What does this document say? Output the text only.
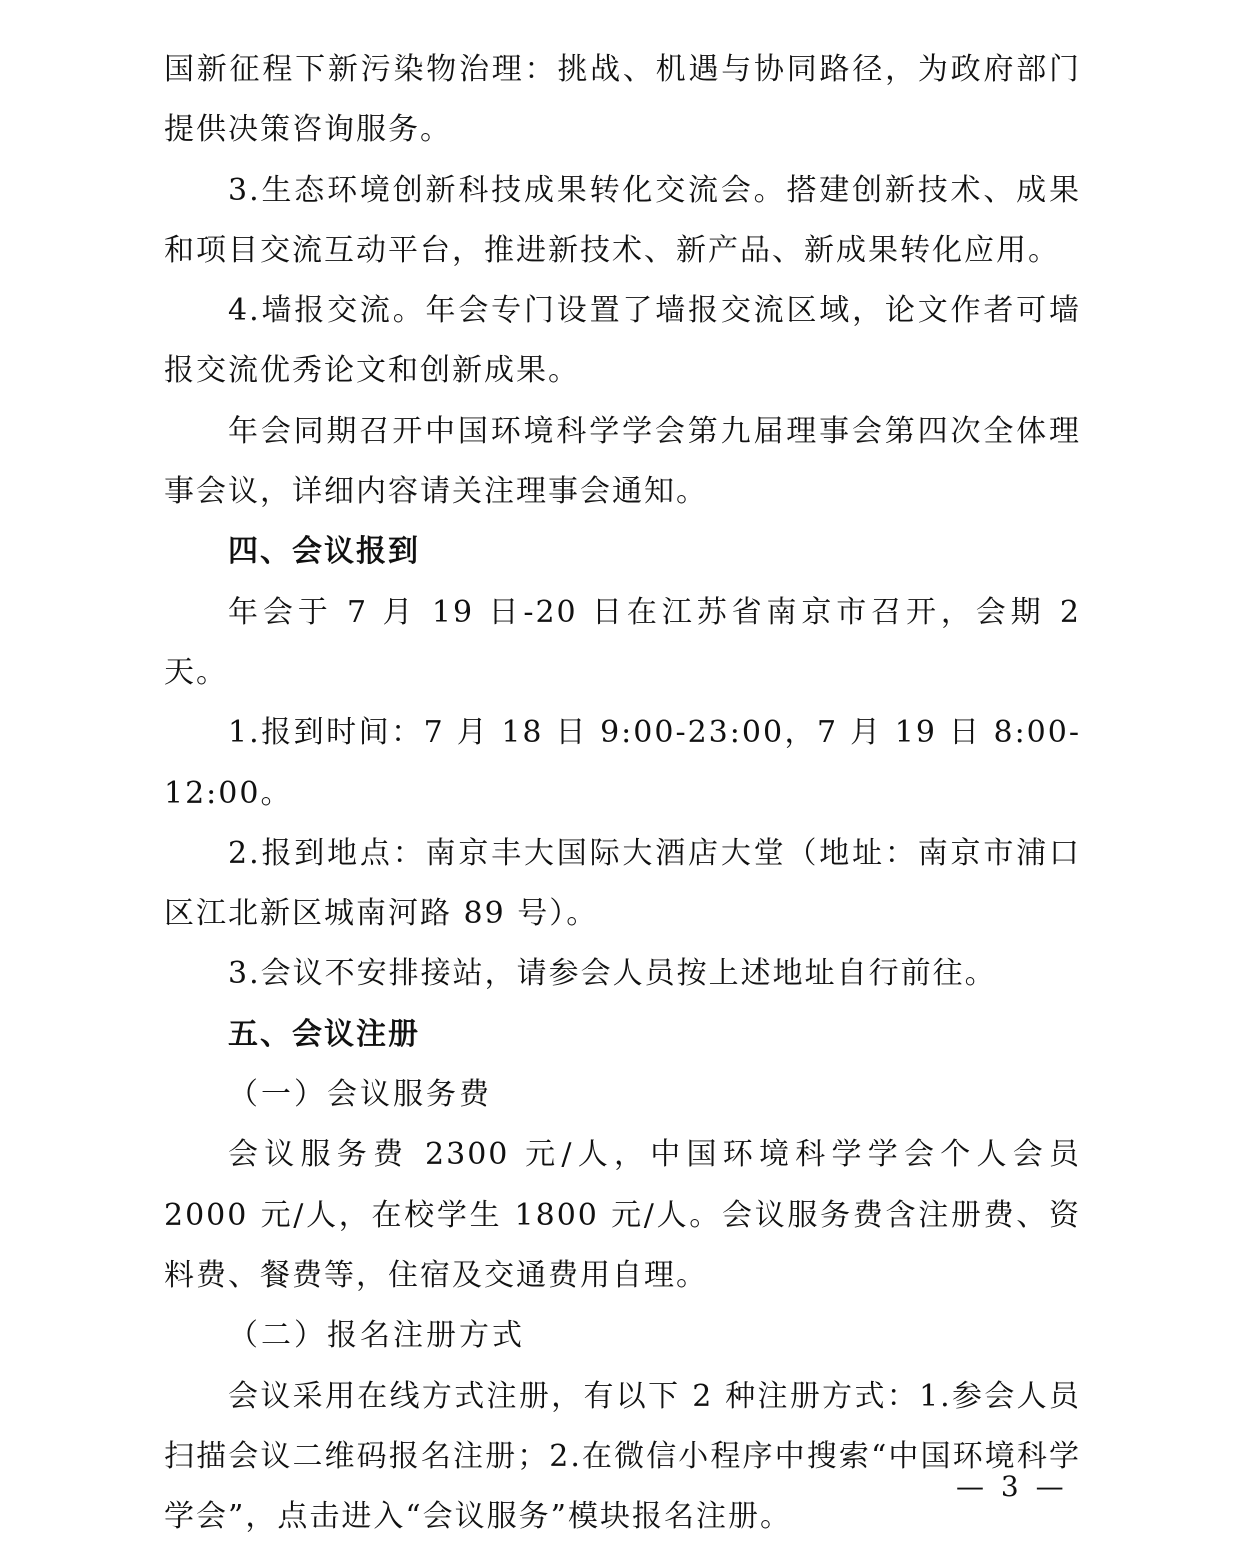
国新征程下新污染物治理：挑战、机遇与协同路径，为政府部门提供决策咨询服务。

3.生态环境创新科技成果转化交流会。搭建创新技术、成果和项目交流互动平台，推进新技术、新产品、新成果转化应用。

4.墙报交流。年会专门设置了墙报交流区域，论文作者可墙报交流优秀论文和创新成果。

年会同期召开中国环境科学学会第九届理事会第四次全体理事会议，详细内容请关注理事会通知。

四、会议报到

年会于 7 月 19 日-20 日在江苏省南京市召开，会期 2 天。

1.报到时间：7 月 18 日 9:00-23:00，7 月 19 日 8:00-12:00。

2.报到地点：南京丰大国际大酒店大堂（地址：南京市浦口区江北新区城南河路 89 号）。

3.会议不安排接站，请参会人员按上述地址自行前往。

五、会议注册

（一）会议服务费

会议服务费 2300 元/人，中国环境科学学会个人会员 2000 元/人，在校学生 1800 元/人。会议服务费含注册费、资料费、餐费等，住宿及交通费用自理。

（二）报名注册方式

会议采用在线方式注册，有以下 2 种注册方式：1.参会人员扫描会议二维码报名注册；2.在微信小程序中搜索“中国环境科学学会”，点击进入“会议服务”模块报名注册。

— 3 —
